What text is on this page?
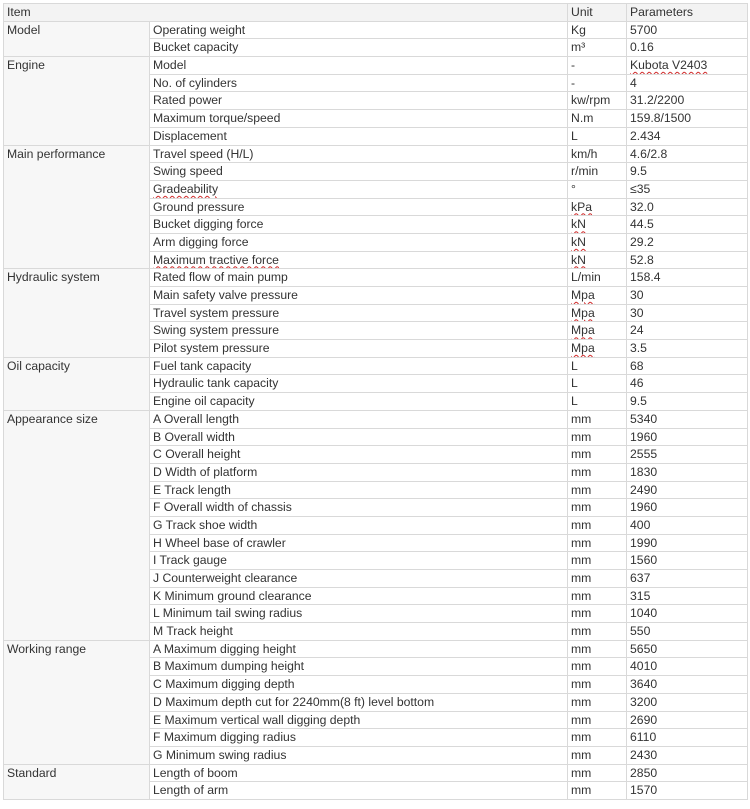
Item		Unit	Parameters
Model	Operating weight	Kg	5700
	Bucket capacity	m³	0.16
Engine	Model	-	Kubota V2403
	No. of cylinders	-	4
	Rated power	kw/rpm	31.2/2200
	Maximum torque/speed	N.m	159.8/1500
	Displacement	L	2.434
Main performance	Travel speed (H/L)	km/h	4.6/2.8
	Swing speed	r/min	9.5
	Gradeability	°	≤35
	Ground pressure	kPa	32.0
	Bucket digging force	kN	44.5
	Arm digging force	kN	29.2
	Maximum tractive force	kN	52.8
Hydraulic system	Rated flow of main pump	L/min	158.4
	Main safety valve pressure	Mpa	30
	Travel system pressure	Mpa	30
	Swing system pressure	Mpa	24
	Pilot system pressure	Mpa	3.5
Oil capacity	Fuel tank capacity	L	68
	Hydraulic tank capacity	L	46
	Engine oil capacity	L	9.5
Appearance size	A Overall length	mm	5340
	B Overall width	mm	1960
	C Overall height	mm	2555
	D Width of platform	mm	1830
	E Track length	mm	2490
	F Overall width of chassis	mm	1960
	G Track shoe width	mm	400
	H Wheel base of crawler	mm	1990
	I Track gauge	mm	1560
	J Counterweight clearance	mm	637
	K Minimum ground clearance	mm	315
	L Minimum tail swing radius	mm	1040
	M Track height	mm	550
Working range	A Maximum digging height	mm	5650
	B Maximum dumping height	mm	4010
	C Maximum digging depth	mm	3640
	D Maximum depth cut for 2240mm(8 ft) level bottom	mm	3200
	E Maximum vertical wall digging depth	mm	2690
	F Maximum digging radius	mm	6110
	G Minimum swing radius	mm	2430
Standard	Length of boom	mm	2850
	Length of arm	mm	1570
